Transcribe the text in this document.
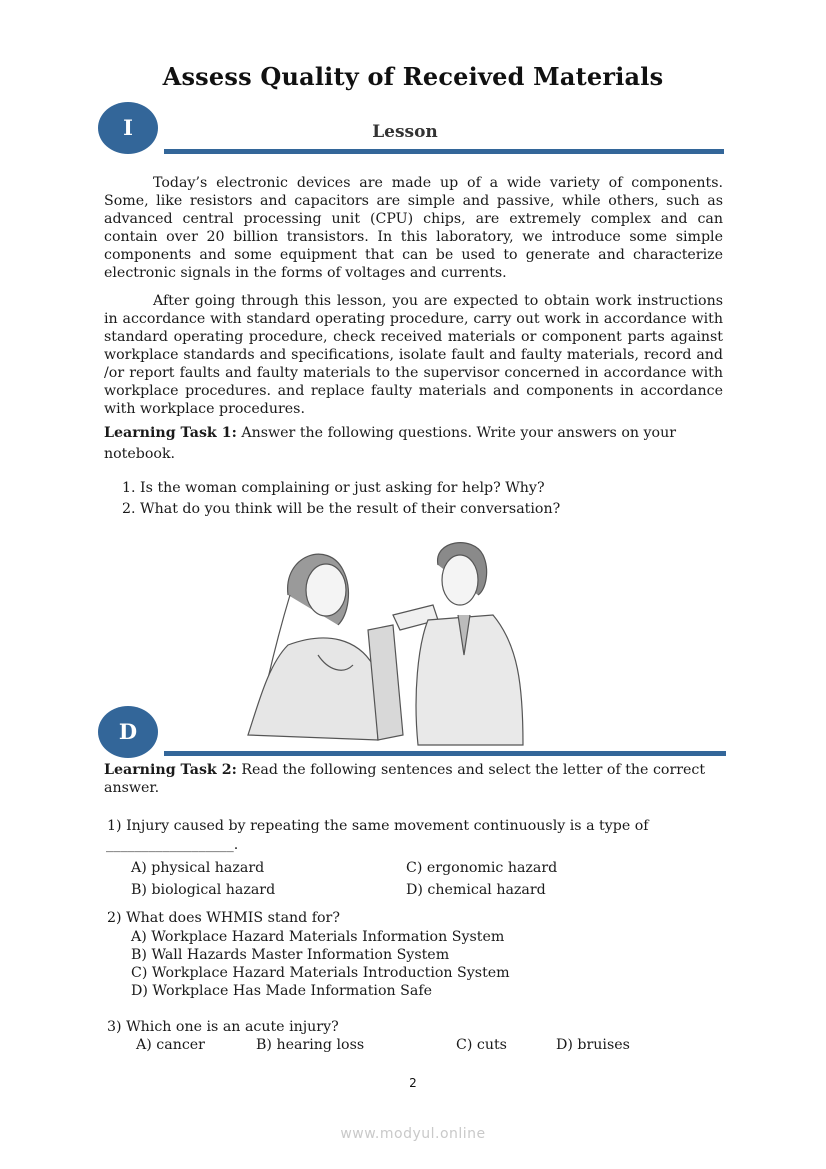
Assess Quality of Received Materials
I	Lesson
Today’s electronic devices are made up of a wide variety of components. Some, like resistors and capacitors are simple and passive, while others, such as advanced central processing unit (CPU) chips, are extremely complex and can contain over 20 billion transistors. In this laboratory, we introduce some simple components and some equipment that can be used to generate and characterize electronic signals in the forms of voltages and currents.
After going through this lesson, you are expected to obtain work instructions in accordance with standard operating procedure, carry out work in accordance with standard operating procedure, check received materials or component parts against workplace standards and specifications, isolate fault and faulty materials, record and /or report faults and faulty materials to the supervisor concerned in accordance with workplace procedures. and replace faulty materials and components in accordance with workplace procedures.
Learning Task 1: Answer the following questions. Write your answers on your
notebook.
1. Is the woman complaining or just asking for help? Why?
2. What do you think will be the result of their conversation?
D
Learning Task 2: Read the following sentences and select the letter of the correct
answer.
1) Injury caused by repeating the same movement continuously is a type of
__________________.
A) physical hazard
B) biological hazard
C) ergonomic hazard
D) chemical hazard
2) What does WHMIS stand for?
A) Workplace Hazard Materials Information System
B) Wall Hazards Master Information System
C) Workplace Hazard Materials Introduction System
D) Workplace Has Made Information Safe
3) Which one is an acute injury?
A) cancer	B) hearing loss	C) cuts	D) bruises
2
www.modyul.online
